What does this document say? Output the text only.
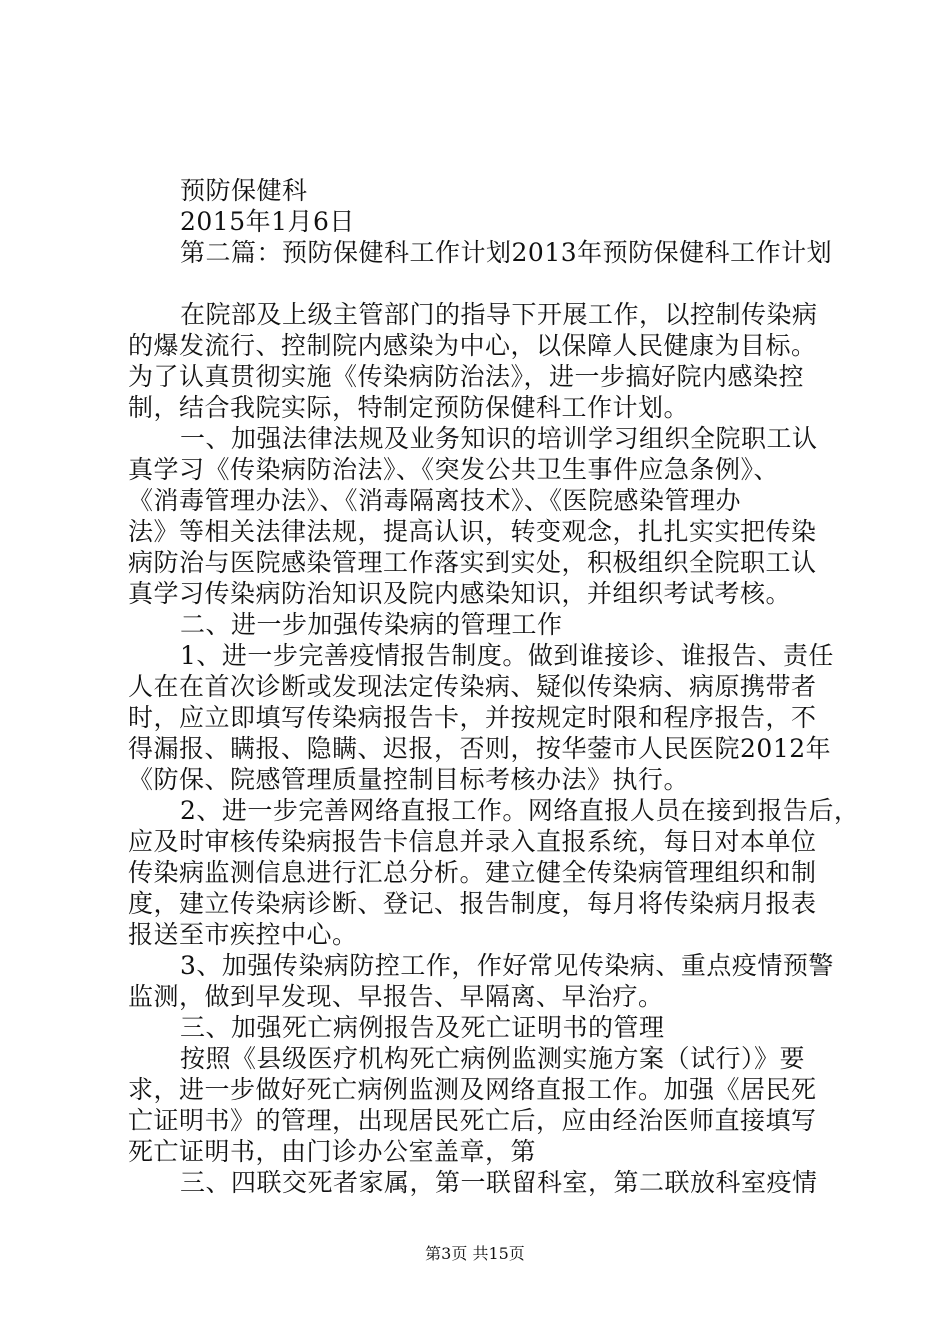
预防保健科
2015年1月6日
第二篇：预防保健科工作计划2013年预防保健科工作计划
在院部及上级主管部门的指导下开展工作，以控制传染病
的爆发流行、控制院内感染为中心，以保障人民健康为目标。
为了认真贯彻实施《传染病防治法》，进一步搞好院内感染控
制，结合我院实际，特制定预防保健科工作计划。
一、加强法律法规及业务知识的培训学习组织全院职工认
真学习《传染病防治法》、《突发公共卫生事件应急条例》、
《消毒管理办法》、《消毒隔离技术》、《医院感染管理办
法》等相关法律法规，提高认识，转变观念，扎扎实实把传染
病防治与医院感染管理工作落实到实处，积极组织全院职工认
真学习传染病防治知识及院内感染知识，并组织考试考核。
二、进一步加强传染病的管理工作
1、进一步完善疫情报告制度。做到谁接诊、谁报告、责任
人在在首次诊断或发现法定传染病、疑似传染病、病原携带者
时，应立即填写传染病报告卡，并按规定时限和程序报告，不
得漏报、瞒报、隐瞒、迟报，否则，按华蓥市人民医院2012年
《防保、院感管理质量控制目标考核办法》执行。
2、进一步完善网络直报工作。网络直报人员在接到报告后，
应及时审核传染病报告卡信息并录入直报系统，每日对本单位
传染病监测信息进行汇总分析。建立健全传染病管理组织和制
度，建立传染病诊断、登记、报告制度，每月将传染病月报表
报送至市疾控中心。
3、加强传染病防控工作，作好常见传染病、重点疫情预警
监测，做到早发现、早报告、早隔离、早治疗。
三、加强死亡病例报告及死亡证明书的管理
按照《县级医疗机构死亡病例监测实施方案（试行）》要
求，进一步做好死亡病例监测及网络直报工作。加强《居民死
亡证明书》的管理，出现居民死亡后，应由经治医师直接填写
死亡证明书，由门诊办公室盖章，第
三、四联交死者家属，第一联留科室，第二联放科室疫情
第3页 共15页
